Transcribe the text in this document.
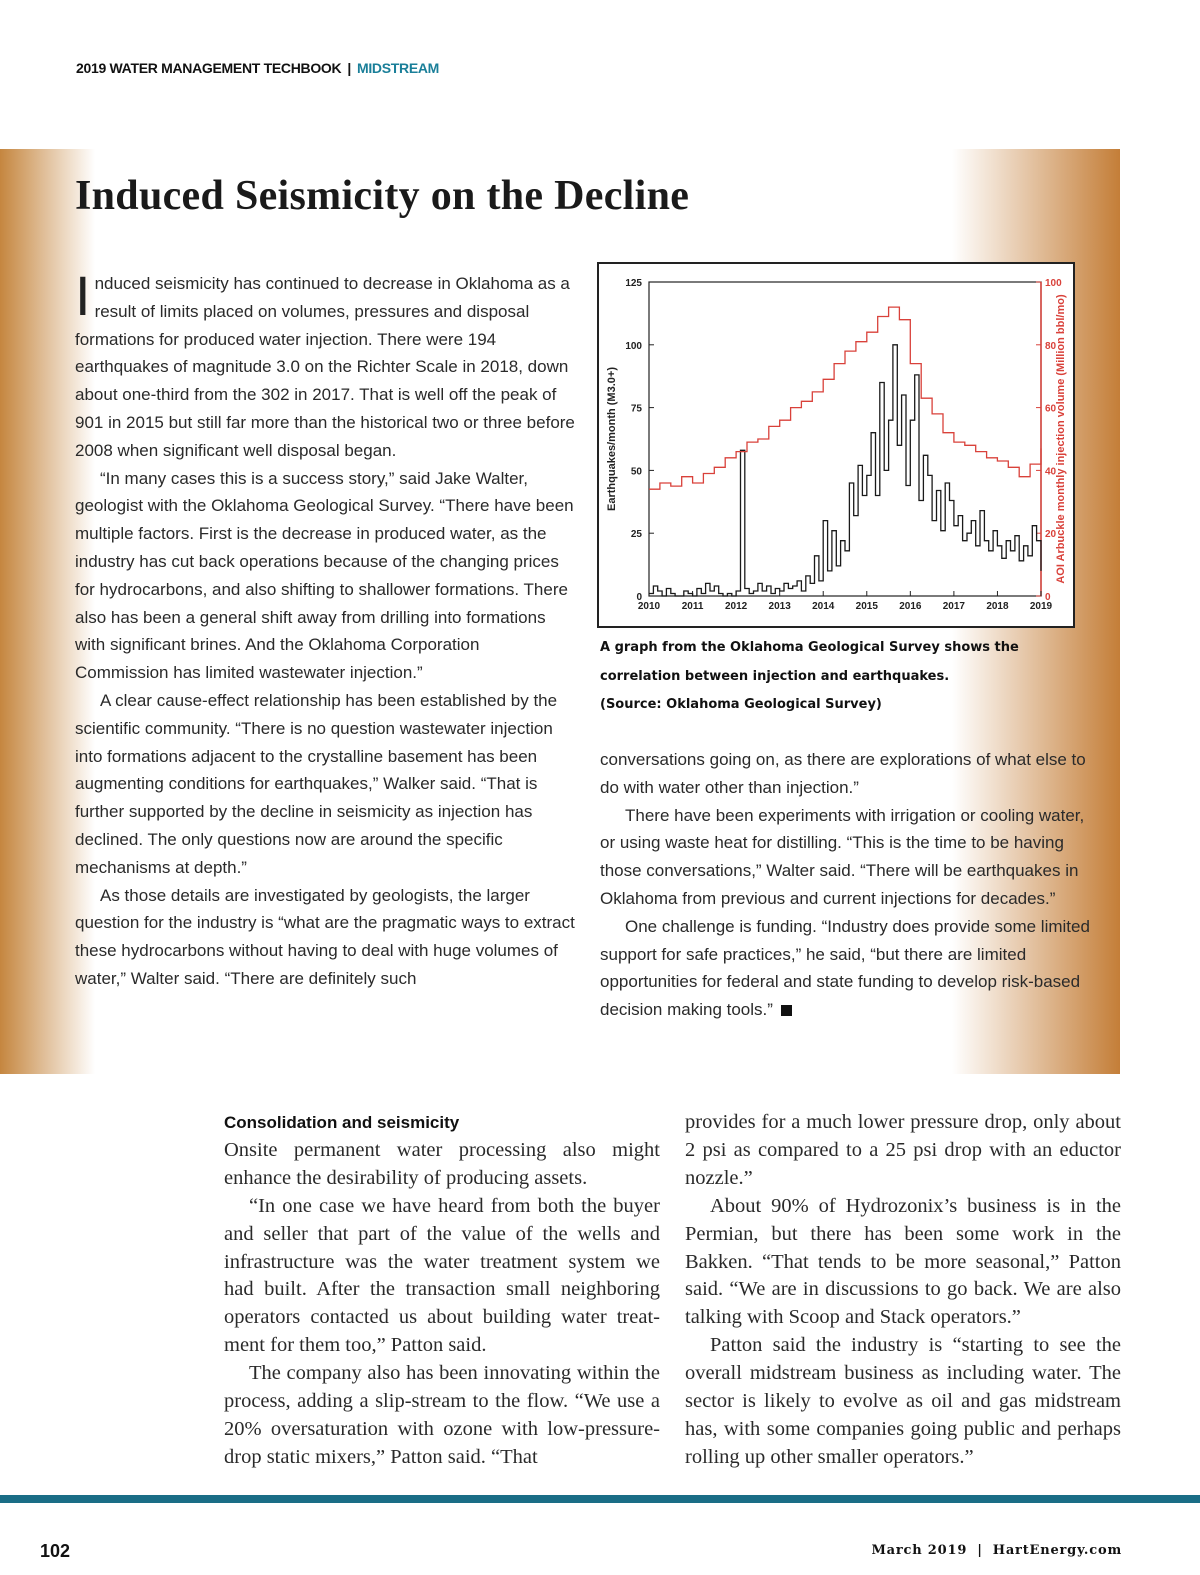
2019 WATER MANAGEMENT TECHBOOK | MIDSTREAM
Induced Seismicity on the Decline

Induced seismicity has continued to decrease in Oklahoma as a result of limits placed on volumes, pressures and disposal formations for produced water injection. There were 194 earthquakes of magnitude 3.0 on the Richter Scale in 2018, down about one-third from the 302 in 2017. That is well off the peak of 901 in 2015 but still far more than the historical two or three before 2008 when significant well disposal began.

“In many cases this is a success story,” said Jake Walter, geologist with the Oklahoma Geological Survey. “There have been multiple factors. First is the decrease in produced water, as the industry has cut back operations because of the changing prices for hydrocarbons, and also shifting to shallower formations. There also has been a general shift away from drilling into formations with significant brines. And the Oklahoma Corporation Commission has limited wastewater injection.”

A clear cause-effect relationship has been established by the scientific community. “There is no question wastewater injection into formations adjacent to the crystalline basement has been augmenting conditions for earthquakes,” Walker said. “That is further supported by the decline in seismicity as injection has declined. The only questions now are around the specific mechanisms at depth.”

As those details are investigated by geologists, the larger question for the industry is “what are the pragmatic ways to extract these hydrocarbons without having to deal with huge volumes of water,” Walter said. “There are definitely such

0
25
50
75
100
125
0
20
40
60
80
100
2010 2011 2012 2013 2014 2015 2016 2017 2018 2019
Earthquakes/month (M3.0+)	AOI Arbuckle monthly injection volume (Million bbl/mo)
A graph from the Oklahoma Geological Survey shows the
correlation between injection and earthquakes.
(Source: Oklahoma Geological Survey)

conversations going on, as there are explorations of what else to do with water other than injection.”

There have been experiments with irrigation or cooling water, or using waste heat for distilling. “This is the time to be having those conversations,” Walter said. “There will be earthquakes in Oklahoma from previous and current injections for decades.”

One challenge is funding. “Industry does provide some limited support for safe practices,” he said, “but there are limited opportunities for federal and state funding to develop risk-based decision making tools.”

Consolidation and seismicity

Onsite permanent water processing also might enhance the desirability of producing assets.

“In one case we have heard from both the buyer and seller that part of the value of the wells and infrastructure was the water treatment system we had built. After the transaction small neighboring operators contacted us about building water treatment for them too,” Patton said.

The company also has been innovating within the process, adding a slip-stream to the flow. “We use a 20% oversaturation with ozone with low-pressure-drop static mixers,” Patton said. “That

provides for a much lower pressure drop, only about 2 psi as compared to a 25 psi drop with an eductor nozzle.”

About 90% of Hydrozonix’s business is in the Permian, but there has been some work in the Bakken. “That tends to be more seasonal,” Patton said. “We are in discussions to go back. We are also talking with Scoop and Stack operators.”

Patton said the industry is “starting to see the overall midstream business as including water. The sector is likely to evolve as oil and gas midstream has, with some companies going public and perhaps rolling up other smaller operators.”

102	March 2019 | HartEnergy.com
